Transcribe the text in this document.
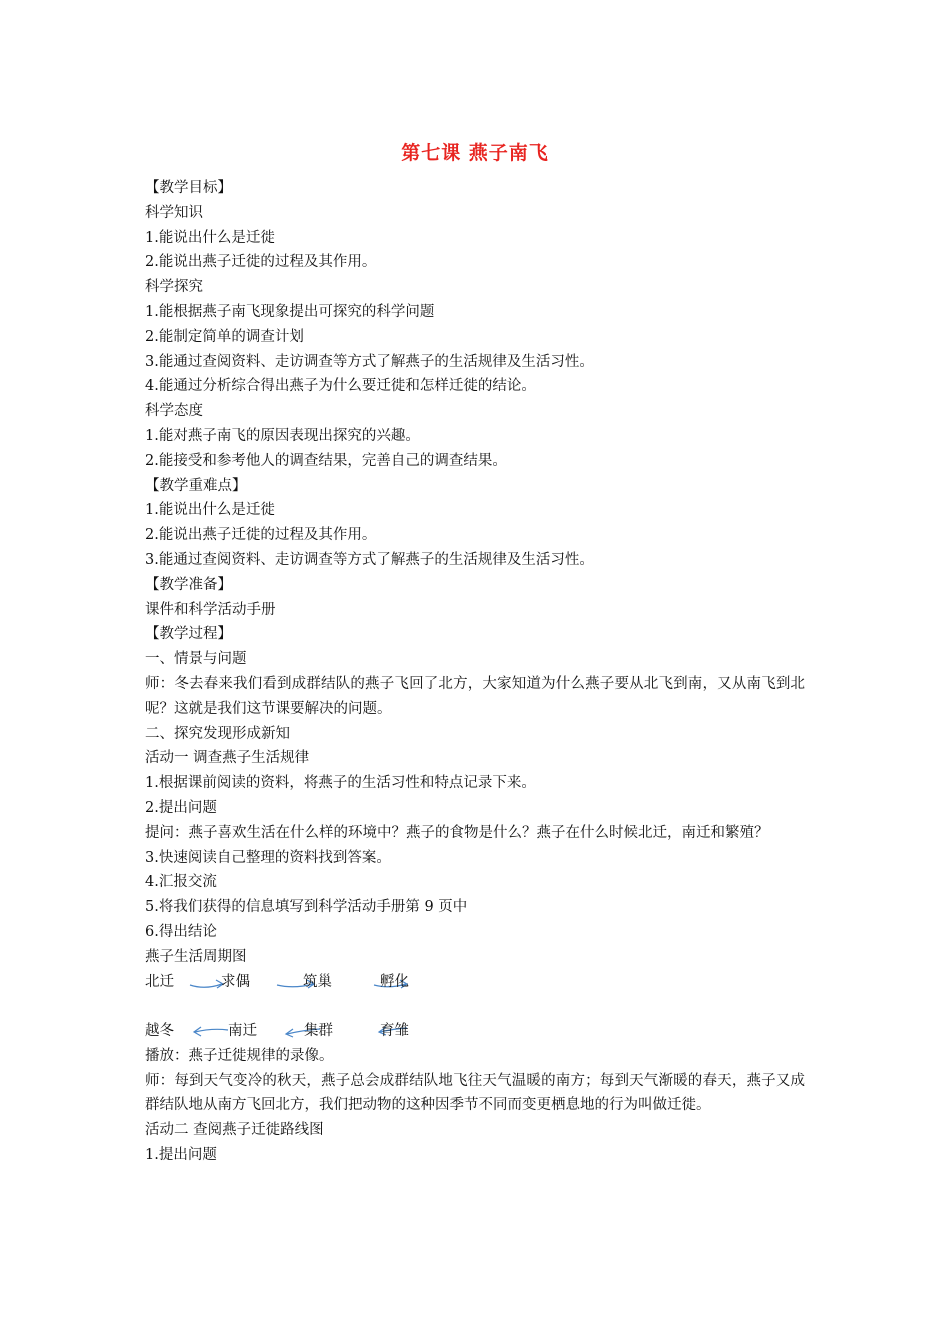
第七课 燕子南飞
【教学目标】
科学知识
1.能说出什么是迁徙
2.能说出燕子迁徙的过程及其作用。
科学探究
1.能根据燕子南飞现象提出可探究的科学问题
2.能制定简单的调查计划
3.能通过查阅资料、走访调查等方式了解燕子的生活规律及生活习性。
4.能通过分析综合得出燕子为什么要迁徙和怎样迁徙的结论。
科学态度
1.能对燕子南飞的原因表现出探究的兴趣。
2.能接受和参考他人的调查结果，完善自己的调查结果。
【教学重难点】
1.能说出什么是迁徙
2.能说出燕子迁徙的过程及其作用。
3.能通过查阅资料、走访调查等方式了解燕子的生活规律及生活习性。
【教学准备】
课件和科学活动手册
【教学过程】
一、情景与问题
师：冬去春来我们看到成群结队的燕子飞回了北方，大家知道为什么燕子要从北飞到南，又从南飞到北呢？这就是我们这节课要解决的问题。
二、探究发现形成新知
活动一 调查燕子生活规律
1.根据课前阅读的资料，将燕子的生活习性和特点记录下来。
2.提出问题
提问：燕子喜欢生活在什么样的环境中？燕子的食物是什么？燕子在什么时候北迁，南迁和繁殖？
3.快速阅读自己整理的资料找到答案。
4.汇报交流
5.将我们获得的信息填写到科学活动手册第 9 页中
6.得出结论
燕子生活周期图
北迁	求偶	筑巢	孵化
越冬	南迁	集群	育雏
播放：燕子迁徙规律的录像。
师：每到天气变冷的秋天，燕子总会成群结队地飞往天气温暖的南方；每到天气渐暖的春天，燕子又成群结队地从南方飞回北方，我们把动物的这种因季节不同而变更栖息地的行为叫做迁徙。
活动二 查阅燕子迁徙路线图
1.提出问题
